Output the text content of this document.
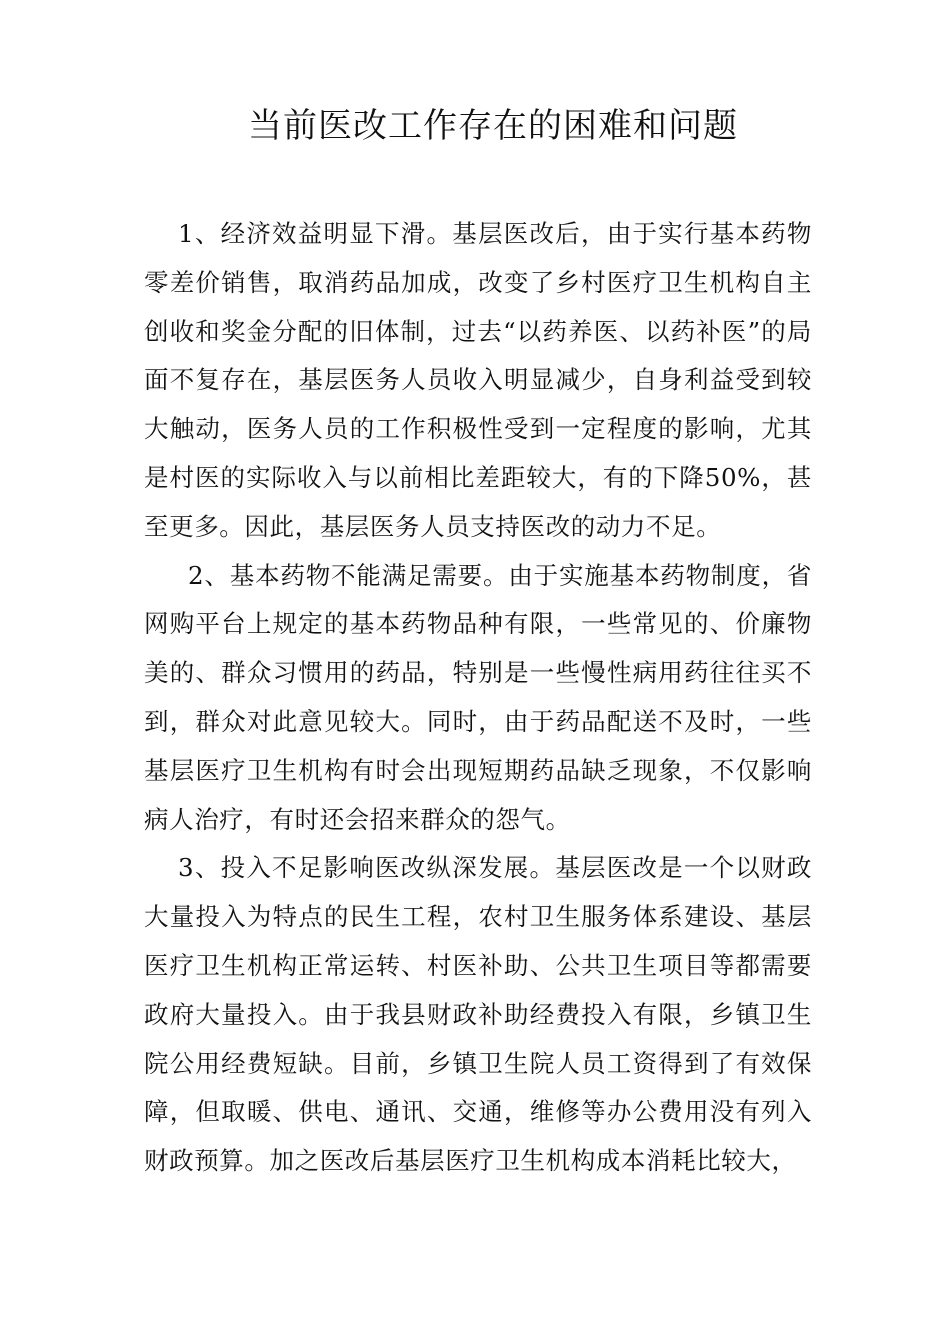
当前医改工作存在的困难和问题

1、经济效益明显下滑。基层医改后，由于实行基本药物零差价销售，取消药品加成，改变了乡村医疗卫生机构自主创收和奖金分配的旧体制，过去“以药养医、以药补医”的局面不复存在，基层医务人员收入明显减少，自身利益受到较大触动，医务人员的工作积极性受到一定程度的影响，尤其是村医的实际收入与以前相比差距较大，有的下降50%，甚至更多。因此，基层医务人员支持医改的动力不足。

2、基本药物不能满足需要。由于实施基本药物制度，省网购平台上规定的基本药物品种有限，一些常见的、价廉物美的、群众习惯用的药品，特别是一些慢性病用药往往买不到，群众对此意见较大。同时，由于药品配送不及时，一些基层医疗卫生机构有时会出现短期药品缺乏现象，不仅影响病人治疗，有时还会招来群众的怨气。

3、投入不足影响医改纵深发展。基层医改是一个以财政大量投入为特点的民生工程，农村卫生服务体系建设、基层医疗卫生机构正常运转、村医补助、公共卫生项目等都需要政府大量投入。由于我县财政补助经费投入有限，乡镇卫生院公用经费短缺。目前，乡镇卫生院人员工资得到了有效保障，但取暖、供电、通讯、交通，维修等办公费用没有列入财政预算。加之医改后基层医疗卫生机构成本消耗比较大，
